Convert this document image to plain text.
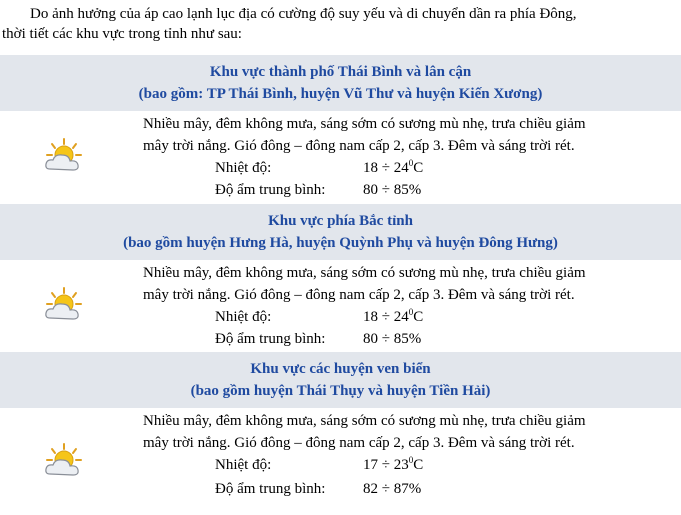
Do ảnh hưởng của áp cao lạnh lục địa có cường độ suy yếu và di chuyển dần ra phía Đông,
thời tiết các khu vực trong tỉnh như sau:
Khu vực thành phố Thái Bình và lân cận
(bao gồm: TP Thái Bình, huyện Vũ Thư và huyện Kiến Xương)
Nhiều mây, đêm không mưa, sáng sớm có sương mù nhẹ, trưa chiều giảm
mây trời nắng. Gió đông – đông nam cấp 2, cấp 3. Đêm và sáng trời rét.
Nhiệt độ:	$18 \div 24^0C$
Độ ẩm trung bình:	80 ÷ 85%
Khu vực phía Bắc tỉnh
(bao gồm huyện Hưng Hà, huyện Quỳnh Phụ và huyện Đông Hưng)
Nhiều mây, đêm không mưa, sáng sớm có sương mù nhẹ, trưa chiều giảm
mây trời nắng. Gió đông – đông nam cấp 2, cấp 3. Đêm và sáng trời rét.
Nhiệt độ:	$18 \div 24^0C$
Độ ẩm trung bình:	80 ÷ 85%
Khu vực các huyện ven biển
(bao gồm huyện Thái Thụy và huyện Tiền Hải)
Nhiều mây, đêm không mưa, sáng sớm có sương mù nhẹ, trưa chiều giảm
mây trời nắng. Gió đông – đông nam cấp 2, cấp 3. Đêm và sáng trời rét.
Nhiệt độ:	$17 \div 23^0C$
Độ ẩm trung bình:	82 ÷ 87%
